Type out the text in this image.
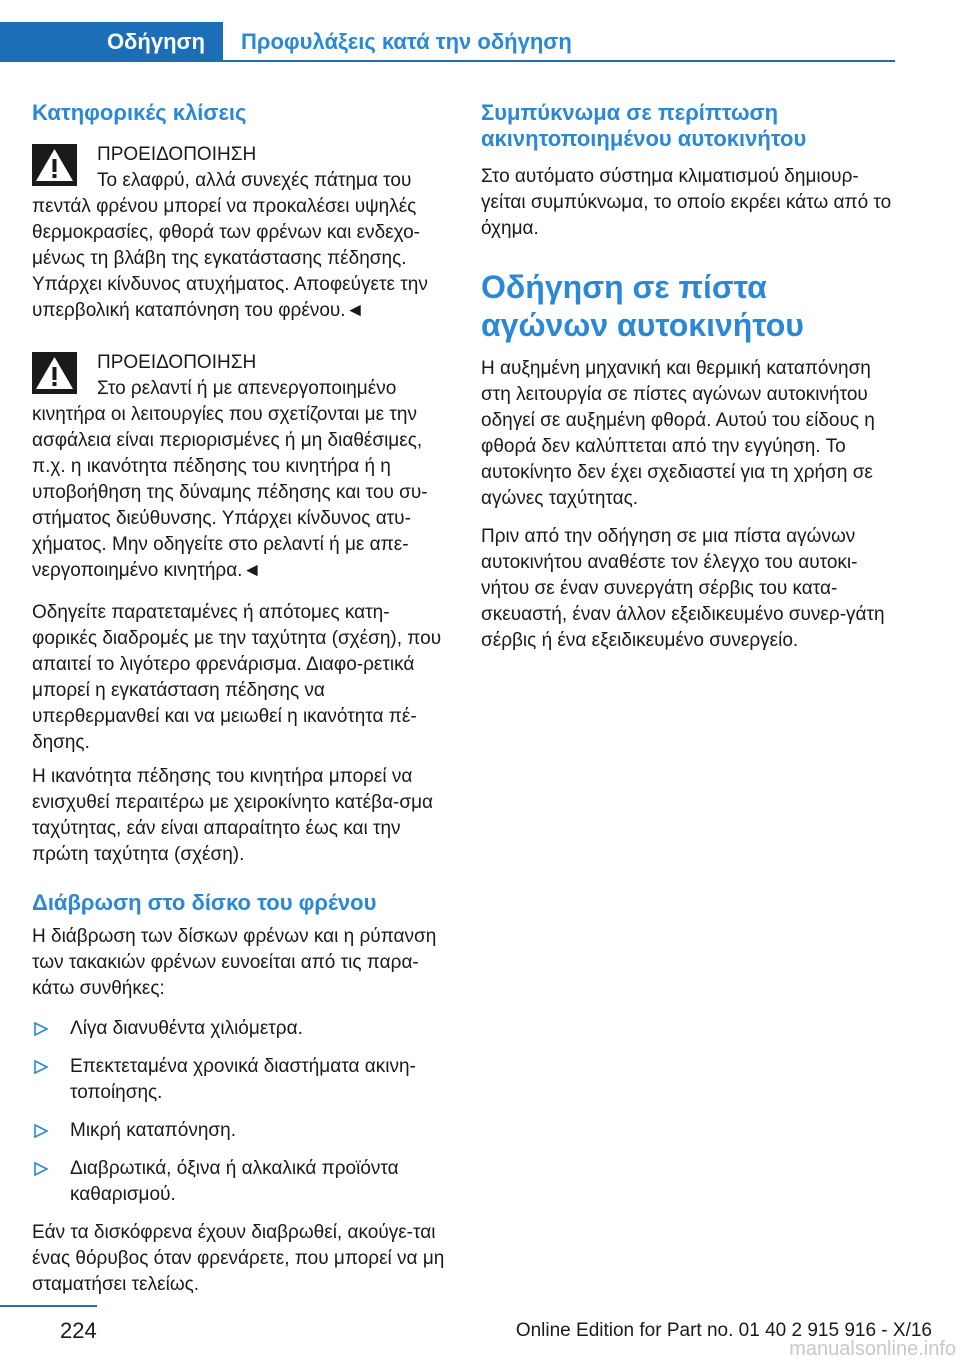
Οδήγηση	Προφυλάξεις κατά την οδήγηση
Κατηφορικές κλίσεις

ΠΡΟΕΙΔΟΠΟΙΗΣΗ

Το ελαφρύ, αλλά συνεχές πάτημα του πεντάλ φρένου μπορεί να προκαλέσει υψηλές θερμοκρασίες, φθορά των φρένων και ενδεχο-μένως τη βλάβη της εγκατάστασης πέδησης. Υπάρχει κίνδυνος ατυχήματος. Αποφεύγετε την υπερβολική καταπόνηση του φρένου.◄

ΠΡΟΕΙΔΟΠΟΙΗΣΗ

Στο ρελαντί ή με απενεργοποιημένο κινητήρα οι λειτουργίες που σχετίζονται με την ασφάλεια είναι περιορισμένες ή μη διαθέσιμες, π.χ. η ικανότητα πέδησης του κινητήρα ή η υποβοήθηση της δύναμης πέδησης και του συ-στήματος διεύθυνσης. Υπάρχει κίνδυνος ατυ-χήματος. Μην οδηγείτε στο ρελαντί ή με απε-νεργοποιημένο κινητήρα.◄

Οδηγείτε παρατεταμένες ή απότομες κατη-φορικές διαδρομές με την ταχύτητα (σχέση), που απαιτεί το λιγότερο φρενάρισμα. Διαφο-ρετικά μπορεί η εγκατάσταση πέδησης να υπερθερμανθεί και να μειωθεί η ικανότητα πέ-δησης.

Η ικανότητα πέδησης του κινητήρα μπορεί να ενισχυθεί περαιτέρω με χειροκίνητο κατέβα-σμα ταχύτητας, εάν είναι απαραίτητο έως και την πρώτη ταχύτητα (σχέση).

Διάβρωση στο δίσκο του φρένου

Η διάβρωση των δίσκων φρένων και η ρύπανση των τακακιών φρένων ευνοείται από τις παρα-κάτω συνθήκες:

Λίγα διανυθέντα χιλιόμετρα.
Επεκτεταμένα χρονικά διαστήματα ακινη-τοποίησης.
Μικρή καταπόνηση.
Διαβρωτικά, όξινα ή αλκαλικά προϊόντα καθαρισμού.

Εάν τα δισκόφρενα έχουν διαβρωθεί, ακούγε-ται ένας θόρυβος όταν φρενάρετε, που μπορεί να μη σταματήσει τελείως.

Συμπύκνωμα σε περίπτωση ακινητοποιημένου αυτοκινήτου

Στο αυτόματο σύστημα κλιματισμού δημιουρ-γείται συμπύκνωμα, το οποίο εκρέει κάτω από το όχημα.

Οδήγηση σε πίστα αγώνων αυτοκινήτου

Η αυξημένη μηχανική και θερμική καταπόνηση στη λειτουργία σε πίστες αγώνων αυτοκινήτου οδηγεί σε αυξημένη φθορά. Αυτού του είδους η φθορά δεν καλύπτεται από την εγγύηση. Το αυτοκίνητο δεν έχει σχεδιαστεί για τη χρήση σε αγώνες ταχύτητας.

Πριν από την οδήγηση σε μια πίστα αγώνων αυτοκινήτου αναθέστε τον έλεγχο του αυτοκι-νήτου σε έναν συνεργάτη σέρβις του κατα-σκευαστή, έναν άλλον εξειδικευμένο συνερ-γάτη σέρβις ή ένα εξειδικευμένο συνεργείο.

224	Online Edition for Part no. 01 40 2 915 916 - X/16
manualsonline.info
